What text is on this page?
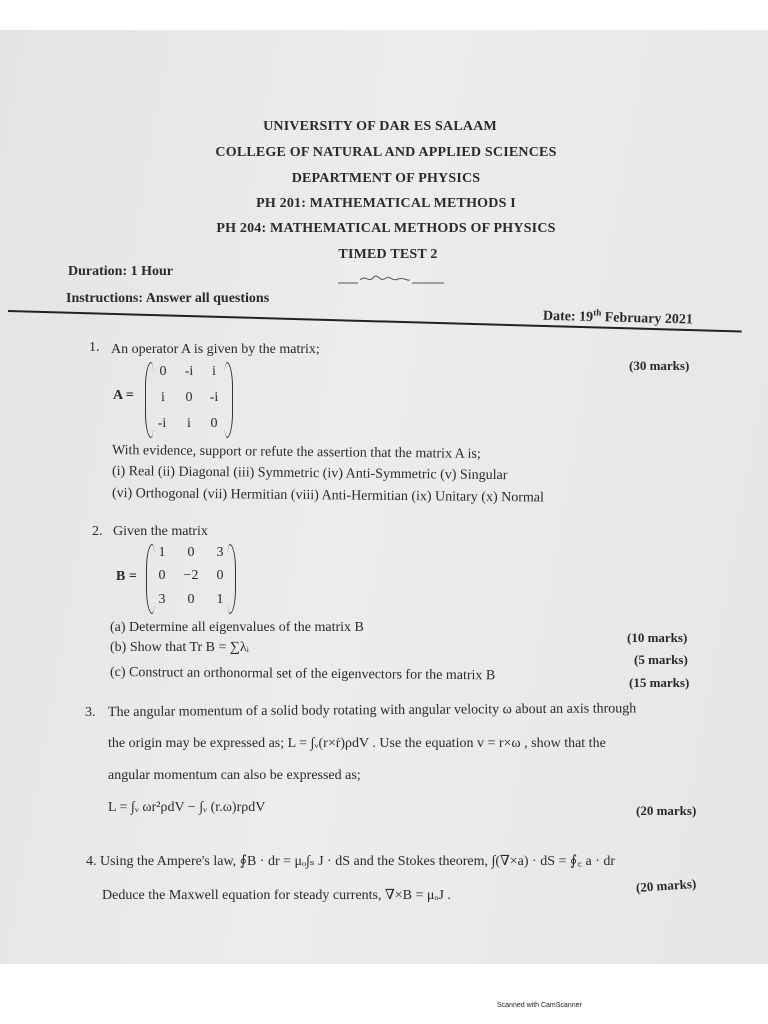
UNIVERSITY OF DAR ES SALAAM
COLLEGE OF NATURAL AND APPLIED SCIENCES
DEPARTMENT OF PHYSICS
PH 201: MATHEMATICAL METHODS I
PH 204: MATHEMATICAL METHODS OF PHYSICS
TIMED TEST 2
Duration: 1 Hour
Instructions: Answer all questions
Date: 19th February 2021
1. An operator A is given by the matrix;
(30 marks)
A =
0	-i	i
i	0	-i
-i	i	0
With evidence, support or refute the assertion that the matrix A is;
(i) Real (ii) Diagonal (iii) Symmetric (iv) Anti-Symmetric (v) Singular
(vi) Orthogonal (vii) Hermitian (viii) Anti-Hermitian (ix) Unitary (x) Normal
2. Given the matrix
B =
1	0	3
0	−2	0
3	0	1
(a) Determine all eigenvalues of the matrix B
(10 marks)
(b) Show that Tr B = ∑λᵢ
(5 marks)
(c) Construct an orthonormal set of the eigenvectors for the matrix B	(15 marks)
3. The angular momentum of a solid body rotating with angular velocity ω about an axis through
the origin may be expressed as; L = ∫ᵥ(r×ṙ)ρdV . Use the equation v = r×ω , show that the
angular momentum can also be expressed as;
L = ∫ᵥ ωr²ρdV − ∫ᵥ (r.ω)rρdV	(20 marks)
4. Using the Ampere's law, ∮B · dr = μₒ∫ₛ J · dS and the Stokes theorem, ∫(∇×a) · dS = ∮꜀ a · dr
Deduce the Maxwell equation for steady currents, ∇×B = μₒJ .
(20 marks)
Scanned with CamScanner
